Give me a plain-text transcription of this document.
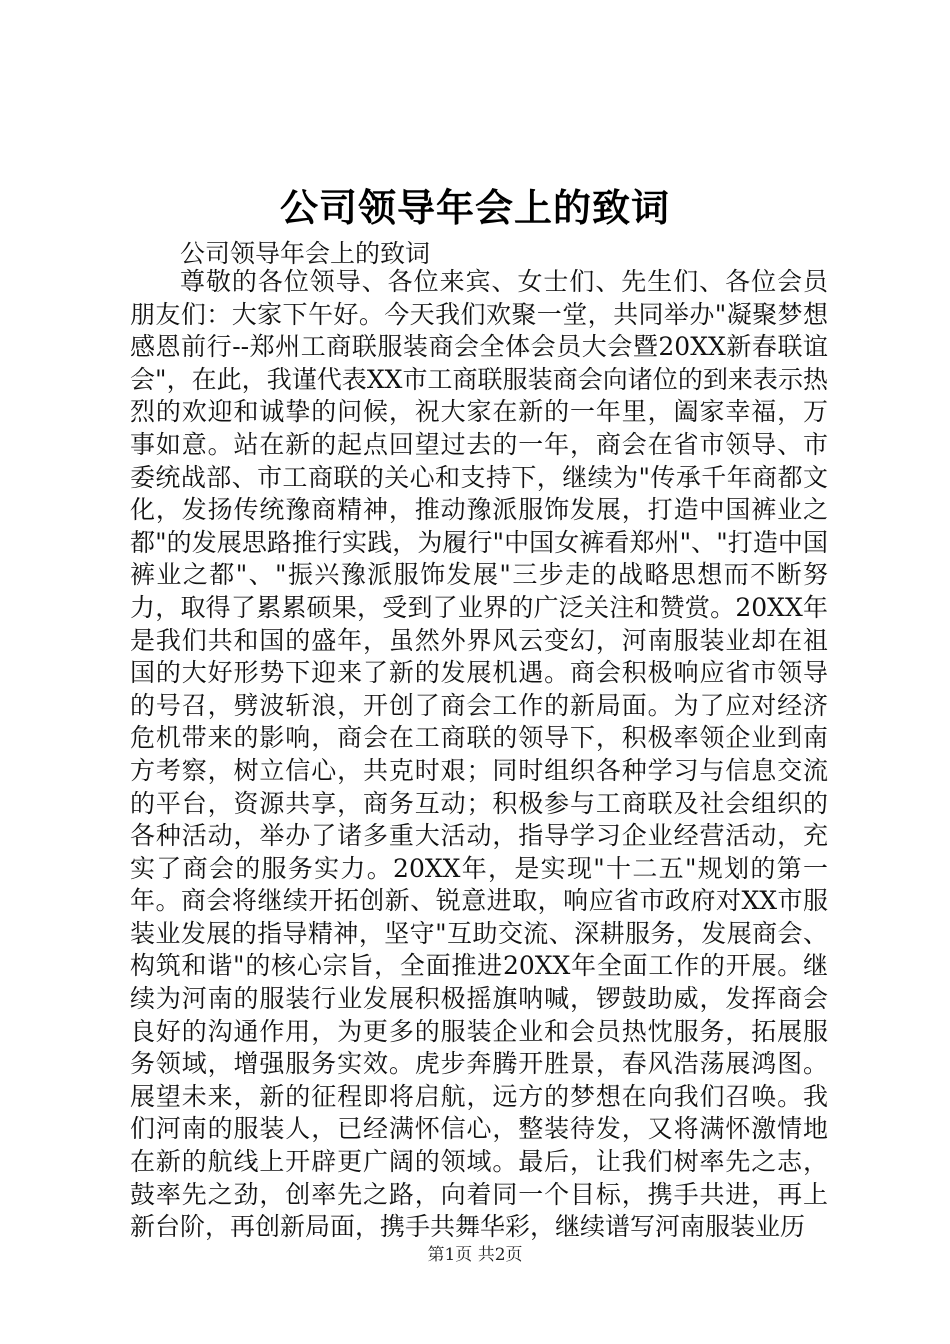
公司领导年会上的致词
公司领导年会上的致词

尊敬的各位领导、各位来宾、女士们、先生们、各位会员朋友们：大家下午好。今天我们欢聚一堂，共同举办"凝聚梦想感恩前行--郑州工商联服装商会全体会员大会暨20XX新春联谊会"，在此，我谨代表XX市工商联服装商会向诸位的到来表示热烈的欢迎和诚挚的问候，祝大家在新的一年里，阖家幸福，万事如意。站在新的起点回望过去的一年，商会在省市领导、市委统战部、市工商联的关心和支持下，继续为"传承千年商都文化，发扬传统豫商精神，推动豫派服饰发展，打造中国裤业之都"的发展思路推行实践，为履行"中国女裤看郑州"、"打造中国裤业之都"、"振兴豫派服饰发展"三步走的战略思想而不断努力，取得了累累硕果，受到了业界的广泛关注和赞赏。20XX年是我们共和国的盛年，虽然外界风云变幻，河南服装业却在祖国的大好形势下迎来了新的发展机遇。商会积极响应省市领导的号召，劈波斩浪，开创了商会工作的新局面。为了应对经济危机带来的影响，商会在工商联的领导下，积极率领企业到南方考察，树立信心，共克时艰；同时组织各种学习与信息交流的平台，资源共享，商务互动；积极参与工商联及社会组织的各种活动，举办了诸多重大活动，指导学习企业经营活动，充实了商会的服务实力。20XX年，是实现"十二五"规划的第一年。商会将继续开拓创新、锐意进取，响应省市政府对XX市服装业发展的指导精神，坚守"互助交流、深耕服务，发展商会、构筑和谐"的核心宗旨，全面推进20XX年全面工作的开展。继续为河南的服装行业发展积极摇旗呐喊，锣鼓助威，发挥商会良好的沟通作用，为更多的服装企业和会员热忱服务，拓展服务领域，增强服务实效。虎步奔腾开胜景，春风浩荡展鸿图。展望未来，新的征程即将启航，远方的梦想在向我们召唤。我们河南的服装人，已经满怀信心，整装待发，又将满怀激情地在新的航线上开辟更广阔的领域。最后，让我们树率先之志，鼓率先之劲，创率先之路，向着同一个目标，携手共进，再上新台阶，再创新局面，携手共舞华彩，继续谱写河南服装业历

第1页 共2页
